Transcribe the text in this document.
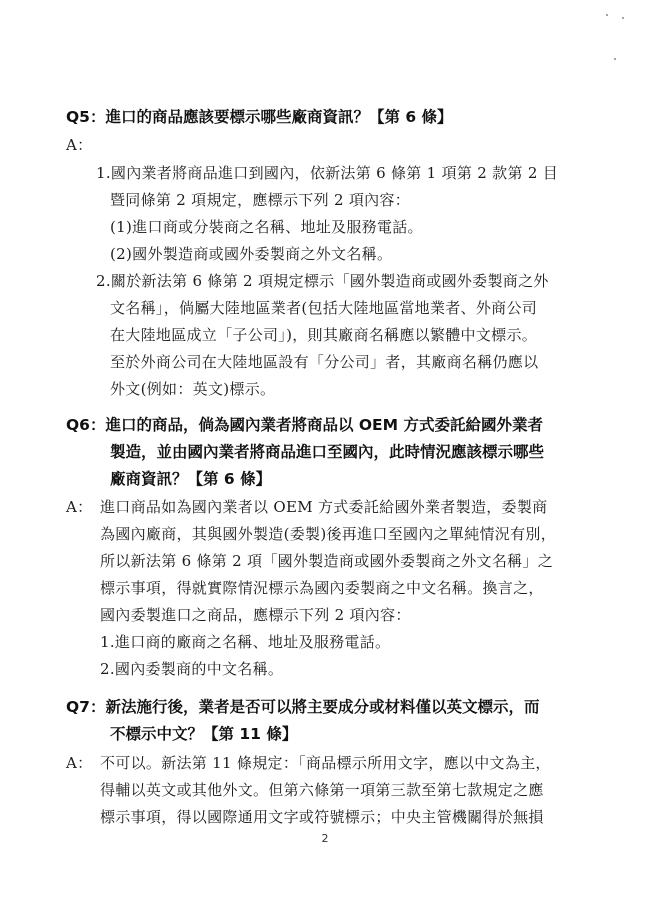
Q5：進口的商品應該要標示哪些廠商資訊？【第 6 條】
A：
1.國內業者將商品進口到國內，依新法第 6 條第 1 項第 2 款第 2 目
暨同條第 2 項規定，應標示下列 2 項內容：
(1)進口商或分裝商之名稱、地址及服務電話。
(2)國外製造商或國外委製商之外文名稱。
2.關於新法第 6 條第 2 項規定標示「國外製造商或國外委製商之外
文名稱」，倘屬大陸地區業者(包括大陸地區當地業者、外商公司
在大陸地區成立「子公司」)，則其廠商名稱應以繁體中文標示。
至於外商公司在大陸地區設有「分公司」者，其廠商名稱仍應以
外文(例如：英文)標示。
Q6：進口的商品，倘為國內業者將商品以 OEM 方式委託給國外業者
製造，並由國內業者將商品進口至國內，此時情況應該標示哪些
廠商資訊？【第 6 條】
A： 進口商品如為國內業者以 OEM 方式委託給國外業者製造，委製商
為國內廠商，其與國外製造(委製)後再進口至國內之單純情況有別，
所以新法第 6 條第 2 項「國外製造商或國外委製商之外文名稱」之
標示事項，得就實際情況標示為國內委製商之中文名稱。換言之，
國內委製進口之商品，應標示下列 2 項內容：
1.進口商的廠商之名稱、地址及服務電話。
2.國內委製商的中文名稱。
Q7：新法施行後，業者是否可以將主要成分或材料僅以英文標示，而
不標示中文？【第 11 條】
A： 不可以。新法第 11 條規定：「商品標示所用文字，應以中文為主，
得輔以英文或其他外文。但第六條第一項第三款至第七款規定之應
標示事項，得以國際通用文字或符號標示；中央主管機關得於無損
2
